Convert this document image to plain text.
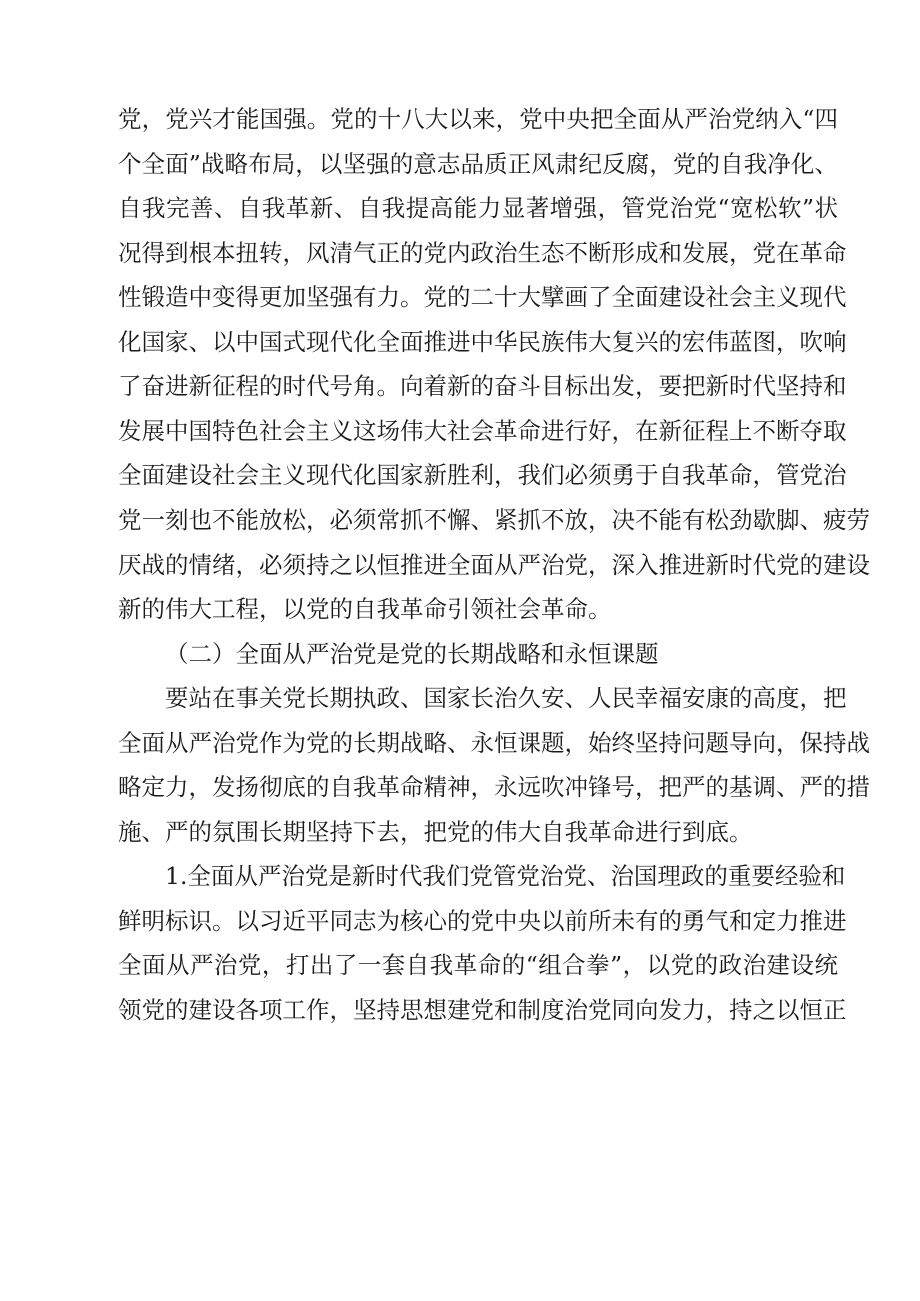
党，党兴才能国强。党的十八大以来，党中央把全面从严治党纳入“四
个全面”战略布局，以坚强的意志品质正风肃纪反腐，党的自我净化、
自我完善、自我革新、自我提高能力显著增强，管党治党“宽松软”状
况得到根本扭转，风清气正的党内政治生态不断形成和发展，党在革命
性锻造中变得更加坚强有力。党的二十大擘画了全面建设社会主义现代
化国家、以中国式现代化全面推进中华民族伟大复兴的宏伟蓝图，吹响
了奋进新征程的时代号角。向着新的奋斗目标出发，要把新时代坚持和
发展中国特色社会主义这场伟大社会革命进行好，在新征程上不断夺取
全面建设社会主义现代化国家新胜利，我们必须勇于自我革命，管党治
党一刻也不能放松，必须常抓不懈、紧抓不放，决不能有松劲歇脚、疲劳
厌战的情绪，必须持之以恒推进全面从严治党，深入推进新时代党的建设
新的伟大工程，以党的自我革命引领社会革命。
（二）全面从严治党是党的长期战略和永恒课题
要站在事关党长期执政、国家长治久安、人民幸福安康的高度，把
全面从严治党作为党的长期战略、永恒课题，始终坚持问题导向，保持战
略定力，发扬彻底的自我革命精神，永远吹冲锋号，把严的基调、严的措
施、严的氛围长期坚持下去，把党的伟大自我革命进行到底。
1.全面从严治党是新时代我们党管党治党、治国理政的重要经验和
鲜明标识。以习近平同志为核心的党中央以前所未有的勇气和定力推进
全面从严治党，打出了一套自我革命的“组合拳”，以党的政治建设统
领党的建设各项工作，坚持思想建党和制度治党同向发力，持之以恒正
